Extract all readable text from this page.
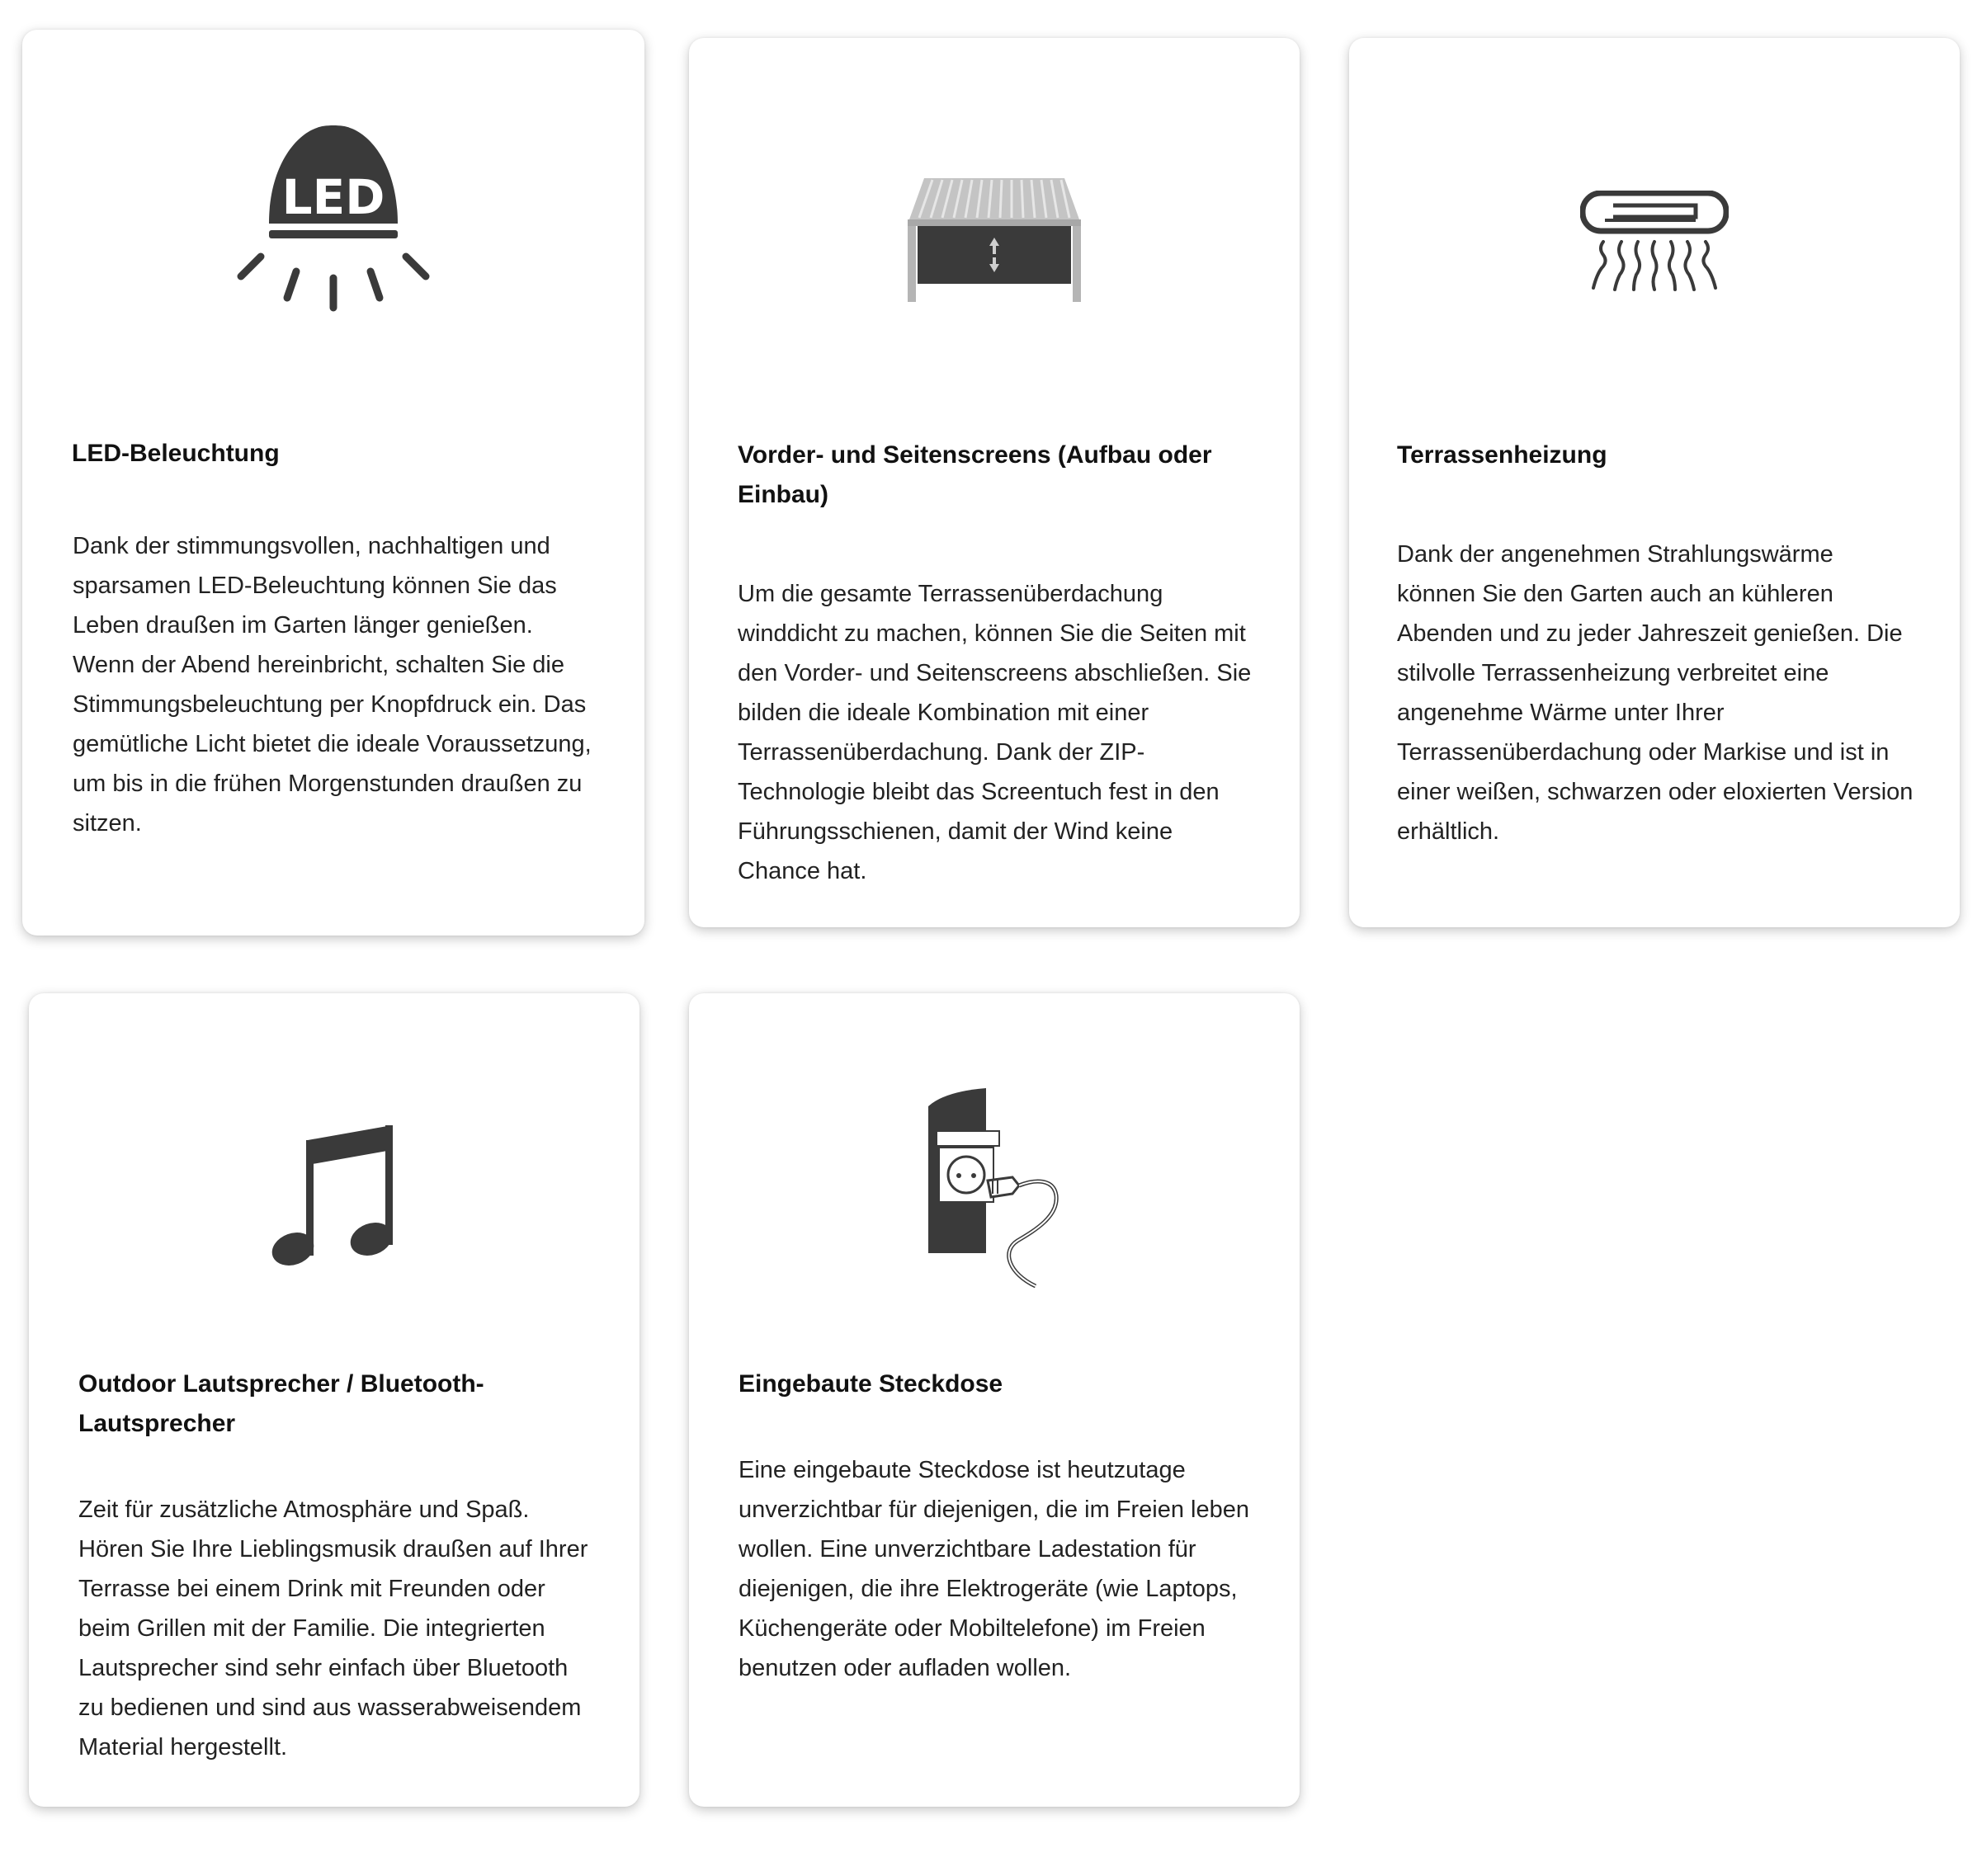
LED
LED-Beleuchtung
Dank der stimmungsvollen, nachhaltigen und sparsamen LED-Beleuchtung können Sie das Leben draußen im Garten länger genießen. Wenn der Abend hereinbricht, schalten Sie die Stimmungsbeleuchtung per Knopfdruck ein. Das gemütliche Licht bietet die ideale Voraussetzung, um bis in die frühen Morgenstunden draußen zu sitzen.
Vorder- und Seitenscreens (Aufbau oder Einbau)
Um die gesamte Terrassenüberdachung winddicht zu machen, können Sie die Seiten mit den Vorder- und Seitenscreens abschließen. Sie bilden die ideale Kombination mit einer Terrassenüberdachung. Dank der ZIP-Technologie bleibt das Screentuch fest in den Führungsschienen, damit der Wind keine Chance hat.
Terrassenheizung
Dank der angenehmen Strahlungswärme können Sie den Garten auch an kühleren Abenden und zu jeder Jahreszeit genießen. Die stilvolle Terrassenheizung verbreitet eine angenehme Wärme unter Ihrer Terrassenüberdachung oder Markise und ist in einer weißen, schwarzen oder eloxierten Version erhältlich.
Outdoor Lautsprecher / Bluetooth-Lautsprecher
Zeit für zusätzliche Atmosphäre und Spaß. Hören Sie Ihre Lieblingsmusik draußen auf Ihrer Terrasse bei einem Drink mit Freunden oder beim Grillen mit der Familie. Die integrierten Lautsprecher sind sehr einfach über Bluetooth zu bedienen und sind aus wasserabweisendem Material hergestellt.
Eingebaute Steckdose
Eine eingebaute Steckdose ist heutzutage unverzichtbar für diejenigen, die im Freien leben wollen. Eine unverzichtbare Ladestation für diejenigen, die ihre Elektrogeräte (wie Laptops, Küchengeräte oder Mobiltelefone) im Freien benutzen oder aufladen wollen.
